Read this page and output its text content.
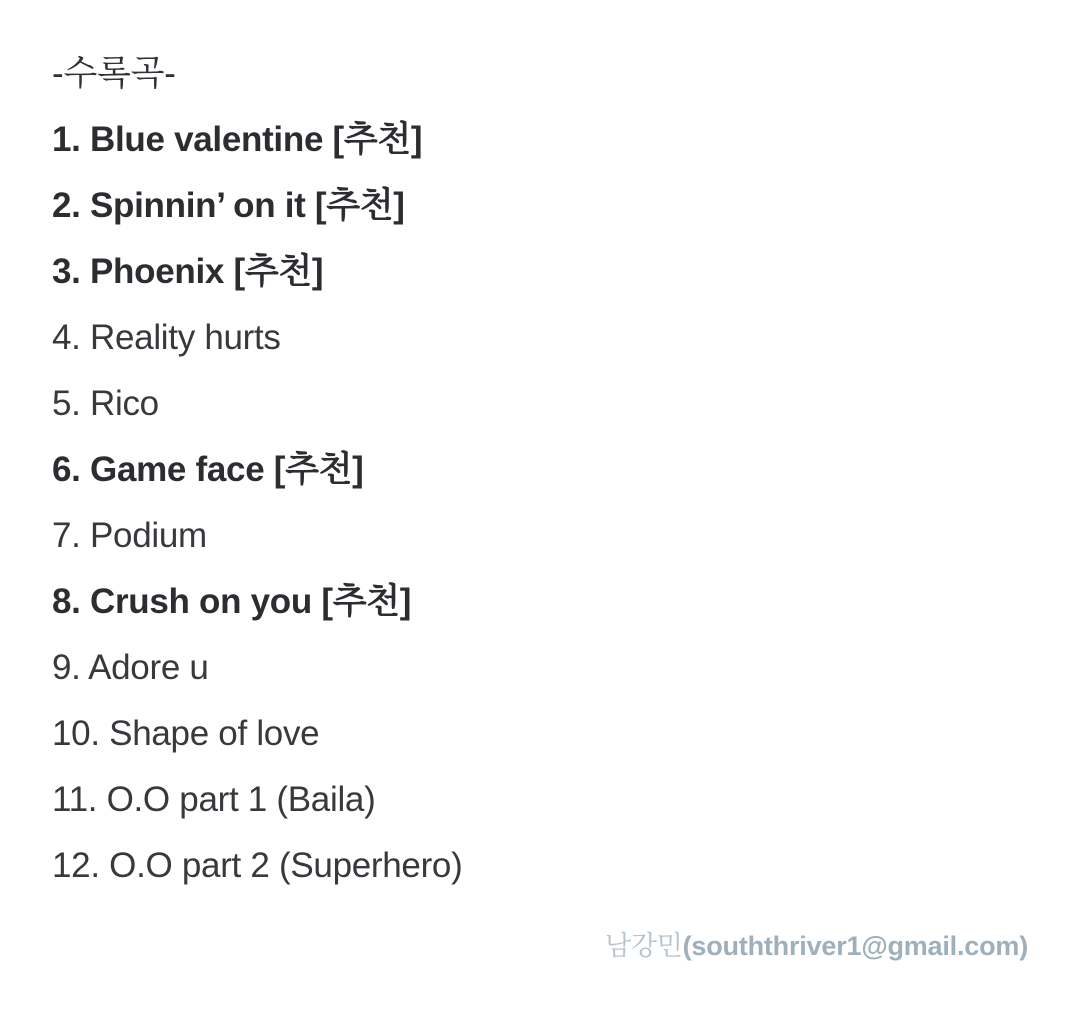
-수록곡-
1. Blue valentine [추천]
2. Spinnin’ on it [추천]
3. Phoenix [추천]
4. Reality hurts
5. Rico
6. Game face [추천]
7. Podium
8. Crush on you [추천]
9. Adore u
10. Shape of love
11. O.O part 1 (Baila)
12. O.O part 2 (Superhero)

남강민(souththriver1@gmail.com)
